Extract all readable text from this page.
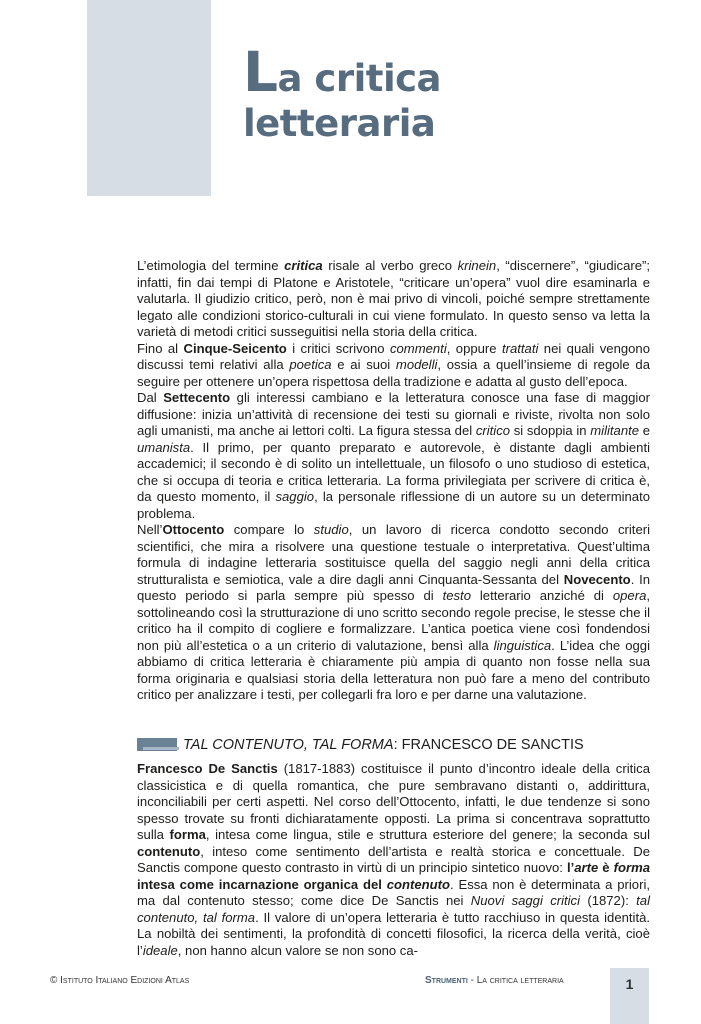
La critica
letteraria

L’etimologia del termine critica risale al verbo greco krinein, “discernere”, “giudicare”; infatti, fin dai tempi di Platone e Aristotele, “criticare un’opera” vuol dire esaminarla e valutarla. Il giudizio critico, però, non è mai privo di vincoli, poiché sempre strettamente legato alle condizioni storico-culturali in cui viene formulato. In questo senso va letta la varietà di metodi critici susseguitisi nella storia della critica.

Fino al Cinque-Seicento i critici scrivono commenti, oppure trattati nei quali vengono discussi temi relativi alla poetica e ai suoi modelli, ossia a quell’insieme di regole da seguire per ottenere un’opera rispettosa della tradizione e adatta al gusto dell’epoca.

Dal Settecento gli interessi cambiano e la letteratura conosce una fase di maggior diffusione: inizia un’attività di recensione dei testi su giornali e riviste, rivolta non solo agli umanisti, ma anche ai lettori colti. La figura stessa del critico si sdoppia in militante e umanista. Il primo, per quanto preparato e autorevole, è distante dagli ambienti accademici; il secondo è di solito un intellettuale, un filosofo o uno studioso di estetica, che si occupa di teoria e critica letteraria. La forma privilegiata per scrivere di critica è, da questo momento, il saggio, la personale riflessione di un autore su un determinato problema.

Nell’Ottocento compare lo studio, un lavoro di ricerca condotto secondo criteri scientifici, che mira a risolvere una questione testuale o interpretativa. Quest’ultima formula di indagine letteraria sostituisce quella del saggio negli anni della critica strutturalista e semiotica, vale a dire dagli anni Cinquanta-Sessanta del Novecento. In questo periodo si parla sempre più spesso di testo letterario anziché di opera, sottolineando così la strutturazione di uno scritto secondo regole precise, le stesse che il critico ha il compito di cogliere e formalizzare. L’antica poetica viene così fondendosi non più all’estetica o a un criterio di valutazione, bensì alla linguistica. L’idea che oggi abbiamo di critica letteraria è chiaramente più ampia di quanto non fosse nella sua forma originaria e qualsiasi storia della letteratura non può fare a meno del contributo critico per analizzare i testi, per collegarli fra loro e per darne una valutazione.

TAL CONTENUTO, TAL FORMA: FRANCESCO DE SANCTIS

Francesco De Sanctis (1817-1883) costituisce il punto d’incontro ideale della critica classicistica e di quella romantica, che pure sembravano distanti o, addirittura, inconciliabili per certi aspetti. Nel corso dell’Ottocento, infatti, le due tendenze si sono spesso trovate su fronti dichiaratamente opposti. La prima si concentrava soprattutto sulla forma, intesa come lingua, stile e struttura esteriore del genere; la seconda sul contenuto, inteso come sentimento dell’artista e realtà storica e concettuale. De Sanctis compone questo contrasto in virtù di un principio sintetico nuovo: l’arte è forma intesa come incarnazione organica del contenuto. Essa non è determinata a priori, ma dal contenuto stesso; come dice De Sanctis nei Nuovi saggi critici (1872): tal contenuto, tal forma. Il valore di un’opera letteraria è tutto racchiuso in questa identità. La nobiltà dei sentimenti, la profondità di concetti filosofici, la ricerca della verità, cioè l’ideale, non hanno alcun valore se non sono ca-

© Istituto Italiano Edizioni Atlas	Strumenti - La critica letteraria	1
